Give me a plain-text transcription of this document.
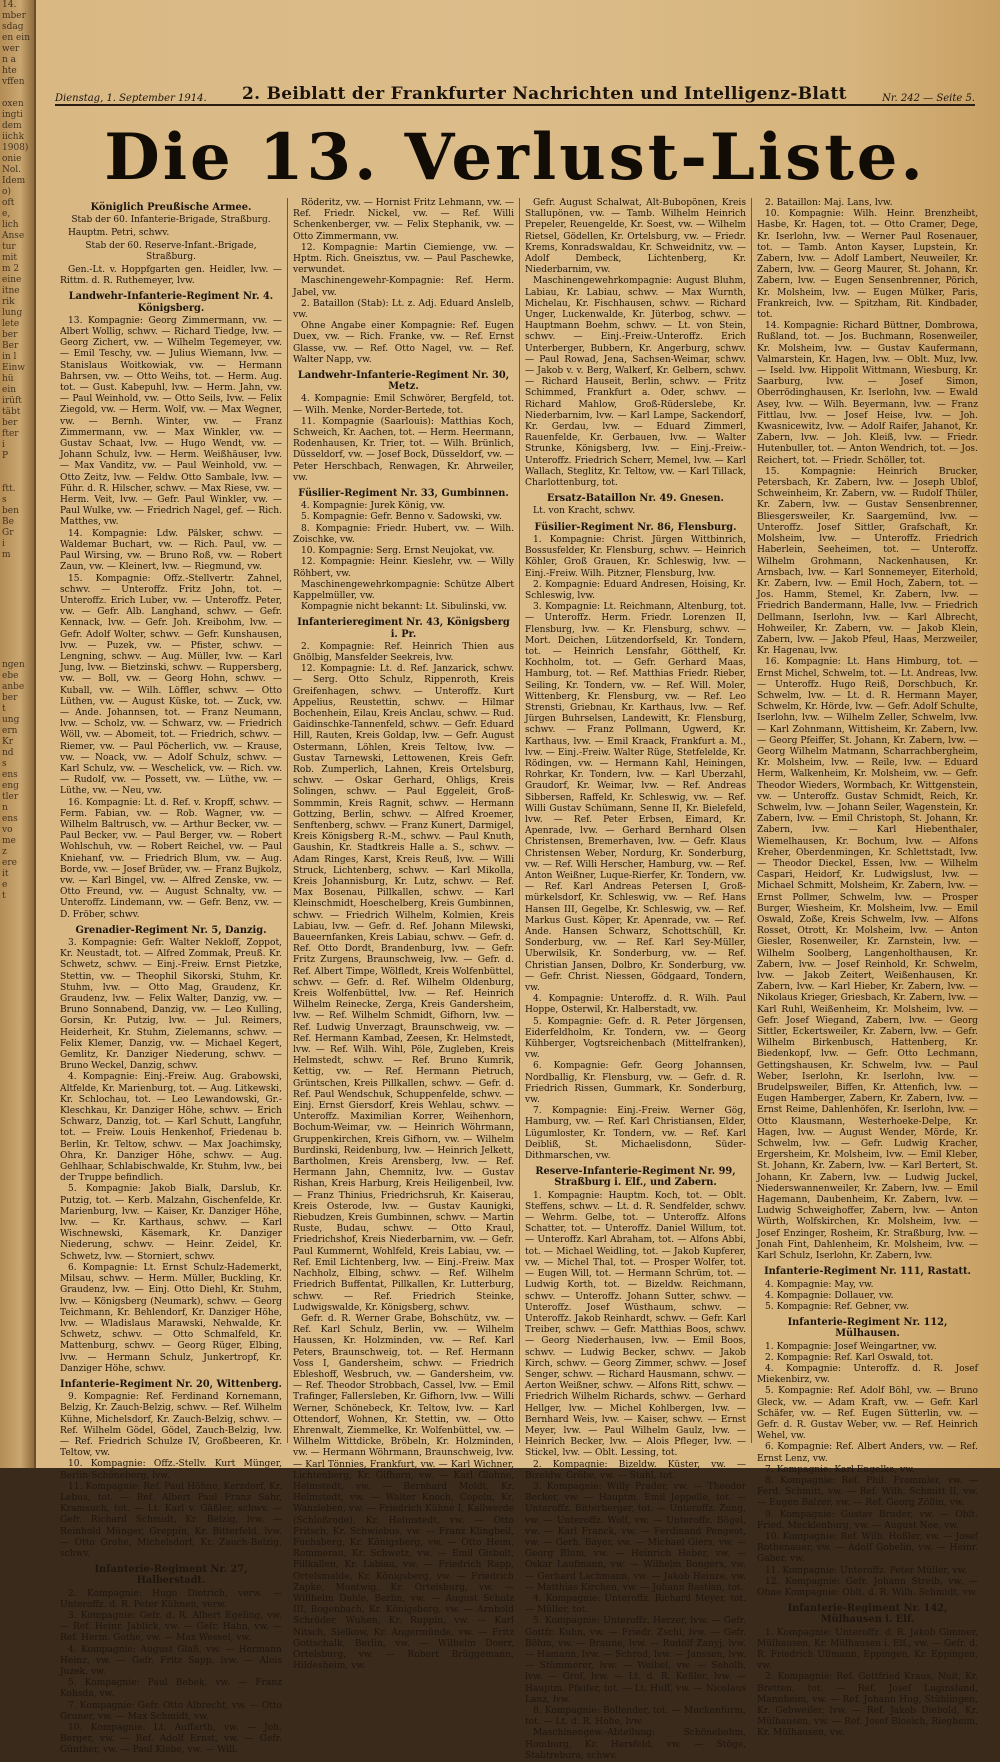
14.
mber
sdag
en ein
wer
n a
hte
vffen

oxen
ingti
dem
iichk
1908)
onie
Nol.
Idem
o)
oft
e,
lich
Anse
tur
mit
m 2
eine
itne
rik
lung
lete
ber
Ber
in l
Einw
hü
ein
irüft
täbt
ber
fter
i
P

ftt.
s
ben
Be
Gr
i
m

ngen
ebe
anbe
ber
t
ung
ern
Kr
nd
s
ens
eng
tler
n
ens
vo
me
z
ere
it
e
t

Dienstag, 1. September 1914. 2. Beiblatt der Frankfurter Nachrichten und Intelligenz-Blatt	Nr. 242 — Seite 5.
Die 13. Verlust-Liste.
Königlich Preußische Armee.
Stab der 60. Infanterie-Brigade, Straßburg.

Hauptm. Petri, schwv.

Stab der 60. Reserve-Infant.-Brigade, Straßburg.

Gen.-Lt. v. Hoppfgarten gen. Heidler, lvw. — Rittm. d. R. Ruthemeyer, lvw.

Landwehr-Infanterie-Regiment Nr. 4. Königsberg.

13. Kompagnie: Georg Zimmermann, vw. — Albert Wollig, schwv. — Richard Tiedge, lvw. — Georg Zichert, vw. — Wilhelm Tegemeyer, vw. — Emil Teschy, vw. — Julius Wiemann, lvw. — Stanislaus Woitkowiak, vw. — Hermann Bahrsen, vw. — Otto Weihs, tot. — Herm. Aug. tot. — Gust. Kabepuhl, lvw. — Herm. Jahn, vw. — Paul Weinhold, vw. — Otto Seils, lvw. — Felix Ziegold, vw. — Herm. Wolf, vw. — Max Wegner, vw. — Bernh. Winter, vw. — Franz Zimmermann, vw. — Max Winkler, vw. — Gustav Schaat, lvw. — Hugo Wendt, vw. — Johann Schulz, lvw. — Herm. Weißhäuser, lvw. — Max Vanditz, vw. — Paul Weinhold, vw. — Otto Zeitz, lvw. — Feldw. Otto Sambale, lvw. — Führ. d. R. Hilscher, schwv. — Max Riese, vw. — Herm. Veit, lvw. — Gefr. Paul Winkler, vw. — Paul Wulke, vw. — Friedrich Nagel, gef. — Rich. Matthes, vw.

14. Kompagnie: Ldw. Pälsker, schwv. — Waldemar Buchart, vw. — Rich. Paul, vw. — Paul Wirsing, vw. — Bruno Roß, vw. — Robert Zaun, vw. — Kleinert, lvw. — Riegmund, vw.

15. Kompagnie: Offz.-Stellvertr. Zahnel, schwv. — Unteroffz. Fritz John, tot. — Unteroffz. Erich Luber, vw. — Unteroffz. Peter, vw. — Gefr. Alb. Langhand, schwv. — Gefr. Kennack, lvw. — Gefr. Joh. Kreibohm, lvw. — Gefr. Adolf Wolter, schwv. — Gefr. Kunshausen, lvw. — Puzek, vw. — Pfister, schwv. — Lengning, schwv. — Aug. Müller, lvw. — Karl Jung, lvw. — Bietzinski, schwv. — Ruppersberg, vw. — Boll, vw. — Georg Hohn, schwv. — Kuball, vw. — Wilh. Löffler, schwv. — Otto Lüthen, vw. — August Küske, tot. — Zuck, vw. — Ande. Johannsen, tot. — Franz Neumann, lvw. — Scholz, vw. — Schwarz, vw. — Friedrich Wöll, vw. — Abomeit, tot. — Friedrich, schwv. — Riemer, vw. — Paul Pöcherlich, vw. — Krause, vw. — Noack, vw. — Adolf Schulz, schwv. — Karl Schulz, vw. — Weschelick, vw. — Rich. vw. — Rudolf, vw. — Possett, vw. — Lüthe, vw. — Lüthe, vw. — Neu, vw.

16. Kompagnie: Lt. d. Ref. v. Kropff, schwv. — Ferm. Fabian, vw. — Rob. Wagner, vw. — Wilhelm Baltrusch, vw. — Arthur Becker, vw. — Paul Becker, vw. — Paul Berger, vw. — Robert Wohlschuh, vw. — Robert Reichel, vw. — Paul Kniehanf, vw. — Friedrich Blum, vw. — Aug. Borde, vw. — Josef Brüder, vw. — Franz Bujkolz, vw. — Karl Bingel, vw. — Alfred Zenske, vw. — Otto Freund, vw. — August Schnalty, vw. — Unteroffz. Lindemann, vw. — Gefr. Benz, vw. — D. Fröber, schwv.

Grenadier-Regiment Nr. 5, Danzig.

3. Kompagnie: Gefr. Walter Nekloff, Zoppot, Kr. Neustadt, tot. — Alfred Zommak, Preuß. Kr. Schwetz, schwv. — Einj.-Freiw. Ernst Pietzke, Stettin, vw. — Theophil Sikorski, Stuhm, Kr. Stuhm, lvw. — Otto Mag, Graudenz, Kr. Graudenz, lvw. — Felix Walter, Danzig, vw. — Bruno Sonnabend, Danzig, vw. — Leo Kulling, Gorsin, Kr. Putzig, lvw. — Jul. Reimers, Heiderheit, Kr. Stuhm, Zielemanns, schwv. — Felix Klemer, Danzig, vw. — Michael Kegert, Gemlitz, Kr. Danziger Niederung, schwv. — Bruno Weckel, Danzig, schwv.

4. Kompagnie: Einj.-Freiw. Aug. Grabowski, Altfelde, Kr. Marienburg, tot. — Aug. Litkewski, Kr. Schlochau, tot. — Leo Lewandowski, Gr.-Kleschkau, Kr. Danziger Höhe, schwv. — Erich Schwarz, Danzig, tot. — Karl Schutt, Langfuhr, tot. — Freiw. Louis Henkenhof, Friedenau b. Berlin, Kr. Teltow, schwv. — Max Joachimsky, Ohra, Kr. Danziger Höhe, schwv. — Aug. Gehlhaar, Schlabischwalde, Kr. Stuhm, lvw., bei der Truppe befindlich.

5. Kompagnie: Jakob Bialk, Darslub, Kr. Putzig, tot. — Kerb. Malzahn, Gischenfelde, Kr. Marienburg, lvw. — Kaiser, Kr. Danziger Höhe, lvw. — Kr. Karthaus, schwv. — Karl Wischnewski, Käsemark, Kr. Danziger Niederung, schwv. — Heinr. Zeidel, Kr. Schwetz, lvw. — Storniert, schwv.

6. Kompagnie: Lt. Ernst Schulz-Hademerkt, Milsau, schwv. — Herm. Müller, Buckling, Kr. Graudenz, lvw. — Einj. Otto Diehl, Kr. Stuhm, lvw. — Königsberg (Neumark), schwv. — Georg Teichmann, Kr. Behlendorf, Kr. Danziger Höhe, lvw. — Wladislaus Marawski, Nehwalde, Kr. Schwetz, schwv. — Otto Schmalfeld, Kr. Mattenburg, schwv. — Georg Rüger, Elbing, lvw. — Hermann Schulz, Junkertropf, Kr. Danziger Höhe, schwv.

Infanterie-Regiment Nr. 20, Wittenberg.

9. Kompagnie: Ref. Ferdinand Kornemann, Belzig, Kr. Zauch-Belzig, schwv. — Ref. Wilhelm Kühne, Michelsdorf, Kr. Zauch-Belzig, schwv. — Ref. Wilhelm Gödel, Gödel, Zauch-Belzig, lvw. — Ref. Friedrich Schulze IV, Großbeeren, Kr. Teltow, vw.

10. Kompagnie: Offz.-Stellv. Kurt Münger, Berlin-Schöneberg, lvw.

11. Kompagnie: Ref. Paul Höhne, Kerzdorf, Kr. Lebus, tot. — Ref. Albert Paul Franz Sahr, Kramsuch, tot. — Lt. Karl v. Gäßler, schwv. — Gefr. Richard Schmidt, Kr. Belzig, lvw. — Reinhold Münger, Greppin, Kr. Bitterfeld, lvw. — Otto Grohe, Michelsdorf, Kr. Zauch-Belzig, schwv.

Infanterie-Regiment Nr. 27, Halberstadt.

2. Kompagnie: Hugo Dietrich, verw. — Unteroffz. d. R. Peter Kühnen, verw.

3. Kompagnie: Gefr. d. R. Albert Egeling, vw. — Ref. Heinr. Jablick, vw. — Gefr. Hahn, vw. — Ref. Herm. Gothe, vw. — Max Wessel, vw.

4. Kompagnie: August Glaß, vw. — Hermann Heinz, vw. — Gefr. Fritz Sapp, lvw. — Alois Juzek, vw.

5. Kompagnie: Paul Bebek, vw. — Franz Kohsda, vw.

7. Kompagnie: Gefr. Otto Albrecht, vw. — Otto Gruner, vw. — Max Schmidt, vw.

10. Kompagnie: Lt. Auffarth, vw. — Joh. Berger, vw. — Ref. Adolf Ernst, vw. — Gefr. Günther, vw. — Paul Klebe, vw. — Will.

Röderitz, vw. — Hornist Fritz Lehmann, vw. — Ref. Friedr. Nickel, vw. — Ref. Willi Schenkenberger, vw. — Felix Stephanik, vw. — Otto Zimmermann, vw.

12. Kompagnie: Martin Ciemienge, vw. — Hptm. Rich. Gneisztus, vw. — Paul Paschewke, verwundet.

Maschinengewehr-Kompagnie: Ref. Herm. Jabel, vw.

2. Bataillon (Stab): Lt. z. Adj. Eduard Anslelb, vw.

Ohne Angabe einer Kompagnie: Ref. Eugen Duex, vw. — Rich. Franke, vw. — Ref. Ernst Glasse, vw. — Ref. Otto Nagel, vw. — Ref. Walter Napp, vw.

Landwehr-Infanterie-Regiment Nr. 30, Metz.

4. Kompagnie: Emil Schwörer, Bergfeld, tot. — Wilh. Menke, Norder-Bertede, tot.

11. Kompagnie (Saarlouis): Matthias Koch, Schweich, Kr. Aachen, tot. — Herm. Heermann, Rodenhausen, Kr. Trier, tot. — Wilh. Brünlich, Düsseldorf, vw. — Josef Bock, Düsseldorf, vw. — Peter Herschbach, Renwagen, Kr. Ahrweiler, vw.

Füsilier-Regiment Nr. 33, Gumbinnen.

4. Kompagnie: Jurek König, vw.

5. Kompagnie: Gefr. Benno v. Sadowski, vw.

8. Kompagnie: Friedr. Hubert, vw. — Wilh. Zoischke, vw.

10. Kompagnie: Serg. Ernst Neujokat, vw.

12. Kompagnie: Heinr. Kieslehr, vw. — Willy Röhbert, vw.

Maschinengewehrkompagnie: Schütze Albert Kappelmüller, vw.

Kompagnie nicht bekannt: Lt. Sibulinski, vw.

Infanterieregiment Nr. 43, Königsberg i. Pr.

2. Kompagnie: Ref. Heinrich Thien aus Gnölbig, Mansfelder Seekreis, lvw.

12. Kompagnie: Lt. d. Ref. Janzarick, schwv. — Serg. Otto Schulz, Rippenroth, Kreis Greifenhagen, schwv. — Unteroffz. Kurt Appelius, Reustettin, schwv. — Hilmar Bochenhein, Eilau, Kreis Anclau, schwv. — Rud. Gaidinschke-Tannenfeld, schwv. — Gefr. Eduard Hill, Rauten, Kreis Goldap, lvw. — Gefr. August Ostermann, Löhlen, Kreis Teltow, lvw. — Gustav Tarnewski, Lettowenen, Kreis Gefr. Rob. Zumperlich, Lahnen, Kreis Ortelsburg, schwv. — Oskar Gerhard, Ohligs, Kreis Solingen, schwv. — Paul Eggeleit, Groß-Sommmin, Kreis Ragnit, schwv. — Hermann Gottzing, Berlin, schwv. — Alfred Kroemer, Senftenberg, schwv. — Franz Kunert, Darmigel, Kreis Königsberg R.-M., schwv. — Paul Knuth, Gaushin, Kr. Stadtkreis Halle a. S., schwv. — Adam Ringes, Karst, Kreis Reuß, lvw. — Willi Struck, Lichtenberg, schwv. — Karl Mikolla, Kreis Johannisburg, Kr. Lutz, schwv. — Ref. Max Bosenau, Pillkallen, schwv. — Karl Kleinschmidt, Hoeschelberg, Kreis Gumbinnen, schwv. — Friedrich Wilhelm, Kolmien, Kreis Labiau, lvw. — Gefr. d. Ref. Johann Milewski, Baueernfanken, Kreis Labiau, schwv. — Gefr. d. Ref. Otto Dordt, Brandenburg, lvw. — Gefr. Fritz Zurgens, Braunschweig, lvw. — Gefr. d. Ref. Albert Timpe, Wölfledt, Kreis Wolfenbüttel, schwv. — Gefr. d. Ref. Wilhelm Oldenburg, Kreis Wolfenbüttel, lvw. — Ref. Heinrich Wilhelm Reinecke, Zerga, Kreis Gandersheim, lvw. — Ref. Wilhelm Schmidt, Gifhorn, lvw. — Ref. Ludwig Unverzagt, Braunschweig, vw. — Ref. Hermann Kambad, Zeesen, Kr. Helmstedt, lvw. — Ref. Wilh. Wihl, Pöle, Zugleben, Kreis Helmstedt, schwv. — Ref. Bruno Kumrik, Kettig, vw. — Ref. Hermann Pietruch, Grüntschen, Kreis Pillkallen, schwv. — Gefr. d. Ref. Paul Wendschuk, Schuppenfelde, schwv. — Einj. Ernst Giersdorf, Kreis Wehlau, schwv. — Unteroffz. Maximilian Korrer, Weihenhorn, Bochum-Weimar, vw. — Heinrich Wöhrmann, Gruppenkirchen, Kreis Gifhorn, vw. — Wilhelm Burdinski, Reidenburg, lvw. — Heinrich Jelkett, Bartholmen, Kreis Arensberg, lvw. — Ref. Hermann Jahn, Chemnitz, lvw. — Gustav Rishan, Kreis Harburg, Kreis Heiligenbeil, lvw. — Franz Thinius, Friedrichsruh, Kr. Kaiserau, Kreis Osterode, lvw. — Gustav Kaunigki, Riebudzen, Kreis Gumbinnen, schwv. — Martin Ruste, Budau, schwv. — Otto Kraul, Friedrichshof, Kreis Niederbarnim, vw. — Gefr. Paul Kummernt, Wohlfeld, Kreis Labiau, vw. — Ref. Emil Lichtenberg, lvw. — Einj.-Freiw. Max Nachholz, Elbing, schwv. — Ref. Wilhelm Friedrich Buffentat, Pillkallen, Kr. Lutterburg, schwv. — Ref. Friedrich Steinke, Ludwigswalde, Kr. Königsberg, schwv.

Gefr. d. R. Werner Grabe, Bohschütz, vw. — Ref. Karl Schulz, Berlin, vw. — Wilhelm Haussen, Kr. Holzminden, vw. — Ref. Karl Peters, Braunschweig, tot. — Ref. Hermann Voss I, Gandersheim, schwv. — Friedrich Ebleshoff, Wesbruch, vw. — Gandersheim, vw. — Ref. Theodor Strobbach, Cassel, lvw. — Emil Trafinger, Fallersleben, Kr. Gifhorn, lvw. — Willi Werner, Schönebeck, Kr. Teltow, lvw. — Karl Ottendorf, Wohnen, Kr. Stettin, vw. — Otto Ehrenwalt, Ziemmelke, Kr. Wolfenbüttel, vw. — Wilhelm Wittdicke, Bröbeln, Kr. Holzminden, vw. — Hermann Wöhrmann, Braunschweig, lvw. — Karl Tönnies, Frankfurt, vw. — Karl Wichner, Lichtenberg, Kr. Gifhorn, vw. — Karl Glohne, Helmstedt, vw. — Bernhard Moldt, Kr. Helmstedt, vw. — Walter Knoch, Copeln, Kr. Wanzleben, vw. — Friedrich Kühne I, Kallwerde (Schloßrode), Kr. Helmstedt, vw. — Otto Fritsch, Kr. Schwiebus, vw. — Franz Klingbeil, Fuchsberg, Kr. Königsberg, vw. — Otto Heim, Rommerau, Kr. Schwetz, vw. — Emil Gisbolt, Pillkallen, Kr. Labiau, vw. — Friedrich Rapp, Ortelsmalde, Kr. Königsberg, vw. — Friedrich Zapke, Montwig, Kr. Ortelsburg, vw. — Willhelm Dahle, Berlin, vw. — August Schulz III, Bogenbach, Kr. Königsberg, vw. — Arnhold Schröder, Wuhen, Kr. Ruppin, vw. — Karl Nitsch, Sielkow, Kr. Angermünde, vw. — Fritz Gottschalk, Berlin, vw. — Wilhelm Doerr, Ortelsburg, vw. — Robert Brüggemann, Hildesheim, vw.

Gefr. August Schalwat, Alt-Bubopönen, Kreis Stallupönen, vw. — Tamb. Wilhelm Heinrich Prepeler, Reuengelde, Kr. Soest, vw. — Wilhelm Rietsel, Gödellen, Kr. Ortelsburg, vw. — Friedr. Krems, Konradswaldau, Kr. Schweidnitz, vw. — Adolf Dembeck, Lichtenberg, Kr. Niederbarnim, vw.

Maschinengewehrkompagnie: August Bluhm, Labiau, Kr. Labiau, schwv. — Max Wurnth, Michelau, Kr. Fischhausen, schwv. — Richard Unger, Luckenwalde, Kr. Jüterbog, schwv. — Hauptmann Boehm, schwv. — Lt. von Stein, schwv. — Einj.-Freiw.-Unteroffz. Erich Unterberger, Bubbern, Kr. Angerburg, schwv. — Paul Rowad, Jena, Sachsen-Weimar, schwv. — Jakob v. v. Berg, Walkerf, Kr. Gelbern, schwv. — Richard Hauseit, Berlin, schwv. — Fritz Schimmed, Frankfurt a. Oder, schwv. — Richard Mahlow, Groß-Rüderslebe, Kr. Niederbarnim, lvw. — Karl Lampe, Sackendorf, Kr. Gerdau, lvw. — Eduard Zimmerl, Rauenfelde, Kr. Gerbauen, lvw. — Walter Strunke, Königsberg, lvw. — Einj.-Freiw.-Unteroffz. Friedrich Scherr, Memel, lvw. — Karl Wallach, Steglitz, Kr. Teltow, vw. — Karl Tillack, Charlottenburg, tot.

Ersatz-Bataillon Nr. 49. Gnesen.

Lt. von Kracht, schwv.

Füsilier-Regiment Nr. 86, Flensburg.

1. Kompagnie: Christ. Jürgen Wittbinrich, Bossusfelder, Kr. Flensburg, schwv. — Heinrich Köhler, Groß Grauen, Kr. Schleswig, lvw. — Einj.-Freiw. Wilh. Pitzner, Flensburg, lvw.

2. Kompagnie: Eduard Andresen, Hoising, Kr. Schleswig, lvw.

3. Kompagnie: Lt. Reichmann, Altenburg, tot. — Unteroffz. Herm. Friedr. Lorenzen II, Flensburg, lvw. — Kr. Flensburg, schwv. — Mort. Deichen, Lützendorfseld, Kr. Tondern, tot. — Heinrich Lensfahr, Götthelf, Kr. Kochholm, tot. — Gefr. Gerhard Maas, Hamburg, tot. — Ref. Matthias Friedr. Rieber, Seiling, Kr. Tondern, vw. — Ref. Will. Moler, Wittenberg, Kr. Flensburg, vw. — Ref. Leo Strensti, Griebnau, Kr. Karthaus, lvw. — Ref. Jürgen Buhrselsen, Landewitt, Kr. Flensburg, schwv. — Franz Pollmann, Ugwerd, Kr. Karthaus, lvw. — Emil Kraack, Frankfurt a. M., lvw. — Einj.-Freiw. Walter Rüge, Stetfelelde, Kr. Rödingen, vw. — Hermann Kahl, Heiningen, Rohrkar, Kr. Tondern, lvw. — Karl Uberzahl, Graudorf, Kr. Weimar, lvw. — Ref. Andreas Sibbersen, Raffeld, Kr. Schleswig, vw. — Ref. Willi Gustav Schümann, Senne II, Kr. Bielefeld, lvw. — Ref. Peter Erbsen, Eimard, Kr. Apenrade, lvw. — Gerhard Bernhard Olsen Christensen, Bremerhaven, lvw. — Gefr. Klaus Christensen Weber, Nordurg, Kr. Sonderburg, vw. — Ref. Willi Herscher, Hamburg, vw. — Ref. Anton Weißner, Luque-Rierfer, Kr. Tondern, vw. — Ref. Karl Andreas Petersen I, Groß-mürkelsdorf, Kr. Schleswig, vw. — Ref. Hans Hansen III, Gegelbe, Kr. Schleswig, vw. — Ref. Markus Gust. Köper, Kr. Apenrade, vw. — Ref. Ande. Hansen Schwarz, Schottschüll, Kr. Sonderburg, vw. — Ref. Karl Sey-Müller, Uberwilsik, Kr. Sonderburg, vw. — Ref. Christian Jansen, Dolbro, Kr. Sonderburg, vw. — Gefr. Christ. Niessen, Gödgaard, Tondern, vw.

4. Kompagnie: Unteroffz. d. R. Wilh. Paul Hoppe, Osterwil, Kr. Halberstadt, vw.

5. Kompagnie: Gefr. d. R. Peter Jörgensen, Eiderfeldholm, Kr. Tondern, vw. — Georg Kühberger, Vogtsreichenbach (Mittelfranken), vw.

6. Kompagnie: Gefr. Georg Johannsen, Nordballig, Kr. Flensburg, vw. — Gefr. d. R. Friedrich Rissen, Gummark, Kr. Sonderburg, vw.

7. Kompagnie: Einj.-Freiw. Werner Gög, Hamburg, vw. — Ref. Karl Christiansen, Elder, Lügumloster, Kr. Tondern, vw. — Ref. Karl Deibliß, St. Michaelisdonn, Süder-Dithmarschen, vw.

Reserve-Infanterie-Regiment Nr. 99, Straßburg i. Elf., und Zabern.

1. Kompagnie: Hauptm. Koch, tot. — Oblt. Steffens, schwv. — Lt. d. R. Sendfelder, schwv. — Wehrm. Gelbe, tot. — Unteroffz. Alfons Schatter, tot. — Unteroffz. Daniel Willum, tot. — Unteroffz. Karl Abraham, tot. — Alfons Abbi, tot. — Michael Weidling, tot. — Jakob Kupferer, vw. — Michel Thal, tot. — Prosper Wolfer, tot. — Eugen Will, tot. — Hermann Schrüm, tot. — Ludwig Korth, tot. — Bizeldw. Reichmann, schwv. — Unteroffz. Johann Sutter, schwv. — Unteroffz. Josef Wüsthaum, schwv. — Unteroffz. Jakob Reinhardt, schwv. — Gefr. Karl Treiber, schwv. — Gefr. Matthias Boos, schwv. — Georg Niederhausen, lvw. — Emil Boos, schwv. — Ludwig Becker, schwv. — Jakob Kirch, schwv. — Georg Zimmer, schwv. — Josef Senger, schwv. — Richard Hausmann, schwv. — Aerton Weißner, schwv. — Alfons Ritt, schwv. — Friedrich Wilhelm Richards, schwv. — Gerhard Hellger, lvw. — Michel Kohlbergen, lvw. — Bernhard Weis, lvw. — Kaiser, schwv. — Ernst Meyer, lvw. — Paul Wilhelm Gaulz, lvw. — Heinrich Becker, lvw. — Alois Pfleger, lvw. — Stickel, lvw. — Oblt. Lessing, tot.

2. Kompagnie: Bizeldw. Küster, vw. — Bizeldw. Gröbe, vw. — Stahl, tot.

3. Kompagnie: Willy Prader, vw. — Theodor Becker, vw. — Hauptm. Emil Jeppelle, tot. — Unteroffz. Bitterberger, tot. — Unteroffz. Zung, vw. — Unteroffz. Wolf, vw. — Unteroffz. Bögel, vw. — Karl Franck, vw. — Ferdinand Pengeot, vw. — Gerh. Bayer, vw. — Michael Giers, vw. — Georg Blum, vw. — Heinrich Heber, vw. — Oskar Laufmann, vw. — Wilhelm Bongers, vw. — Gerhard Lachmann, vw. — Jakob Heinze, vw. — Matthias Kirchen, vw. — Johann Bastian, tot.

4. Kompagnie: Unteroffz. Richard Meyer, tot. — Müller, tot.

5. Kompagnie: Unteroffz. Herzer, lvw. — Gefr. Gottfr. Kuhn, vw. — Friedr. Zschi, lvw. — Gefr. Böhm, vw. — Braune, lvw. — Rudolf Zanyj, lvw. — Hamann, lvw. — Schrod, lvw. — Janssen, lvw. — Stümmerer, lvw. — Weibel, vw. — Seholb, lvw. — Grof, lvw. — Lt. d. R. Keßler, lvw. — Hauptm. Pfeifer, tot. — Lt. Huff, vw. — Nicolaus Lanz, lvw.

8. Kompagnie: Bollender, tot. — Muckenfurm, tot. — Lt. d. R. Hohe, lvw.

Maschinengew.-Abteilung: Schönebohm, Homburg, Kr. Hersfeld, vw. — Stöge, Stabtrebura, schwv.

2. Bataillon: Maj. Lans, lvw.

10. Kompagnie: Wilh. Heinr. Brenzheibt, Hasbe, Kr. Hagen, tot. — Otto Cramer, Dege, Kr. Iserlohn, lvw. — Werner Paul Rosenauer, tot. — Tamb. Anton Kayser, Lupstein, Kr. Zabern, lvw. — Adolf Lambert, Neuweiler, Kr. Zabern, lvw. — Georg Maurer, St. Johann, Kr. Zabern, lvw. — Eugen Sensenbrenner, Pörich, Kr. Molsheim, lvw. — Eugen Mülker, Paris, Frankreich, lvw. — Spitzham, Rit. Kindbader, tot.

14. Kompagnie: Richard Büttner, Dombrowa, Rußland, tot. — Jos. Buchmann, Rosenweiler, Kr. Molsheim, lvw. — Gustav Kaufermann, Valmarstein, Kr. Hagen, lvw. — Oblt. Muz, lvw. — Iseld. lvw. Hippolit Wittmann, Wiesburg, Kr. Saarburg, lvw. — Josef Simon, Oberrödinghausen, Kr. Iserlohn, lvw. — Ewald Asey, lvw. — Wilh. Beyermann, lvw. — Franz Fittlau, lvw. — Josef Heise, lvw. — Joh. Kwasnicewitz, lvw. — Adolf Raifer, Jahanot, Kr. Zabern, lvw. — Joh. Kleiß, lvw. — Friedr. Hutenbuller, tot. — Anton Wendrich, tot. — Jos. Reichert, tot. — Friedr. Schöller, tot.

15. Kompagnie: Heinrich Brucker, Petersbach, Kr. Zabern, lvw. — Joseph Ublof, Schweinheim, Kr. Zabern, vw. — Rudolf Thüler, Kr. Zabern, lvw. — Gustav Sensenbrenner, Bliesgersweiler, Kr. Saargemünd, lvw. — Unteroffz. Josef Sittler, Grafschaft, Kr. Molsheim, lvw. — Unteroffz. Friedrich Haberlein, Seeheimen, tot. — Unteroffz. Wilhelm Grohmann, Nackenhausen, Kr. Arnsbach, lvw. — Karl Sonnemeyer, Eiterhold, Kr. Zabern, lvw. — Emil Hoch, Zabern, tot. — Jos. Hamm, Stemel, Kr. Zabern, lvw. — Friedrich Bandermann, Halle, lvw. — Friedrich Dellmann, Iserlohn, lvw. — Karl Albrecht, Hohweiler, Kr. Zabern, vw. — Jakob Klein, Zabern, lvw. — Jakob Pfeul, Haas, Merzweiler, Kr. Hagenau, lvw.

16. Kompagnie: Lt. Hans Himburg, tot. — Ernst Michel, Schwelm, tot. — Lt. Andreas, lvw. — Unteroffz. Hugo Reiß, Dorschbuch, Kr. Schwelm, lvw. — Lt. d. R. Hermann Mayer, Schwelm, Kr. Hörde, lvw. — Gefr. Adolf Schulte, Iserlohn, lvw. — Wilhelm Zeller, Schwelm, lvw. — Karl Zohnmann, Wittisheim, Kr. Zabern, lvw. — Georg Pfeiffer, St. Johann, Kr. Zabern, lvw. — Georg Wilhelm Matmann, Scharrachbergheim, Kr. Molsheim, lvw. — Reile, lvw. — Eduard Herm, Walkenheim, Kr. Molsheim, vw. — Gefr. Theodor Wieders, Wormbach, Kr. Wittgenstein, vw. — Unteroffz. Gustav Schmidt, Reich, Kr. Schwelm, lvw. — Johann Seiler, Wagenstein, Kr. Zabern, lvw. — Emil Christoph, St. Johann, Kr. Zabern, lvw. — Karl Hiebenthaler, Wiemelhausen, Kr. Bochum, lvw. — Alfons Kreher, Oberdenmingen, Kr. Schlettstadt, lvw. — Theodor Dieckel, Essen, lvw. — Wilhelm Caspari, Heidorf, Kr. Ludwigslust, lvw. — Michael Schmitt, Molsheim, Kr. Zabern, lvw. — Ernst Pollmer, Schwelm, lvw. — Prosper Burger, Wiesheim, Kr. Molsheim, lvw. — Emil Oswald, Zoße, Kreis Schwelm, lvw. — Alfons Rosset, Otrott, Kr. Molsheim, lvw. — Anton Giesler, Rosenweiler, Kr. Zarnstein, lvw. — Wilhelm Soolberg, Langenholthausen, Kr. Zabern, lvw. — Josef Reinhold, Kr. Schwelm, lvw. — Jakob Zeitert, Weißenhausen, Kr. Zabern, lvw. — Karl Hieber, Kr. Zabern, lvw. — Nikolaus Krieger, Griesbach, Kr. Zabern, lvw. — Karl Ruhl, Weißenheim, Kr. Molsheim, lvw. — Gefr. Josef Wiegand, Zabern, lvw. — Georg Sittler, Eckertsweiler, Kr. Zabern, lvw. — Gefr. Wilhelm Birkenbusch, Hattenberg, Kr. Biedenkopf, lvw. — Gefr. Otto Lechmann, Gettingshausen, Kr. Schwelm, lvw. — Paul Weber, Iserlohn, Kr. Iserlohn, lvw. — Brudelpsweiler, Biffen, Kr. Attenfich, lvw. — Eugen Hamberger, Zabern, Kr. Zabern, lvw. — Ernst Reime, Dahlenhöfen, Kr. Iserlohn, lvw. — Otto Klausmann, Westerhoeke-Delpe, Kr. Hagen, lvw. — August Wender, Mörde, Kr. Schwelm, lvw. — Gefr. Ludwig Kracher, Ergersheim, Kr. Molsheim, lvw. — Emil Kleber, St. Johann, Kr. Zabern, lvw. — Karl Bertert, St. Johann, Kr. Zabern, lvw. — Ludwig Juckel, Niederswannenweiler, Kr. Zabern, lvw. — Emil Hagemann, Daubenheim, Kr. Zabern, lvw. — Ludwig Schweighoffer, Zabern, lvw. — Anton Würth, Wolfskirchen, Kr. Molsheim, lvw. — Josef Enzinger, Rosheim, Kr. Straßburg, lvw. — Jonah Fint, Dahlenheim, Kr. Molsheim, lvw. — Karl Schulz, Iserlohn, Kr. Zabern, lvw.

Infanterie-Regiment Nr. 111, Rastatt.

4. Kompagnie: May, vw.

4. Kompagnie: Dollauer, vw.

5. Kompagnie: Ref. Gebner, vw.

Infanterie-Regiment Nr. 112, Mülhausen.

1. Kompagnie: Josef Weingartner, vw.

2. Kompagnie: Ref. Karl Oswald, tot.

4. Kompagnie: Unteroffz. d. R. Josef Miekenbirz, vw.

5. Kompagnie: Ref. Adolf Böhl, vw. — Bruno Gleck, vw. — Adam Kraft, vw. — Gefr. Karl Schäfer, vw. — Ref. Eugen Sütterlin, vw. — Gefr. d. R. Gustav Weber, vw. — Ref. Heinrich Wehel, vw.

6. Kompagnie: Ref. Albert Anders, vw. — Ref. Ernst Lenz, vw.

7. Kompagnie: Karl Engelke, vw.

8. Kompagnie: Ref. Phil. Frommler, vw. — Ferd. Schmitt, vw. — Ref. Wilh. Schmitt II, vw. — Eugen Balzer, vw. — Ref. Georg Zöllin, vw.

9. Kompagnie: Gustav Bruder, vw. — Oblt. Fried. Mecklenburg, vw. — August Noe, vw.

10. Kompagnie: Ref. Wilh. Hoßler, vw. — Josef Rothenauer, vw. — Adolf Gobelin, vw. — Heinr. Gaber, vw.

11. Kompagnie: Unteroffz. Peter Müller, vw.

12. Kompagnie: Gefr. Johann Streib, vw. — Ohne Kompagnie: Oblt. d. R. Wilh. Schmidt, vw.

Infanterie-Regiment Nr. 142, Mülhausen i. Elf.

1. Kompagnie: Unteroffz. d. R. Jakob Gimmer, Mülhausen, Kr. Mülhausen i. Elf., vw. — Gefr. d. R. Friedrich Ullmann, Eppingen, Kr. Eppingen, vw.

2. Kompagnie: Ref. Gottfried Kraus, Nuit, Kr. Bretten, tot. — Ref. Josef Luginsland, Mannheim, vw. — Ref. Johann Hug, Stühlingen, Kr. Gebweiler, lvw. — Ref. Jakob Diebold, Kr. Mülhausen, vw. — Ref. Josef Bloeich, Riegheim, Kr. Mülhausen, vw.
